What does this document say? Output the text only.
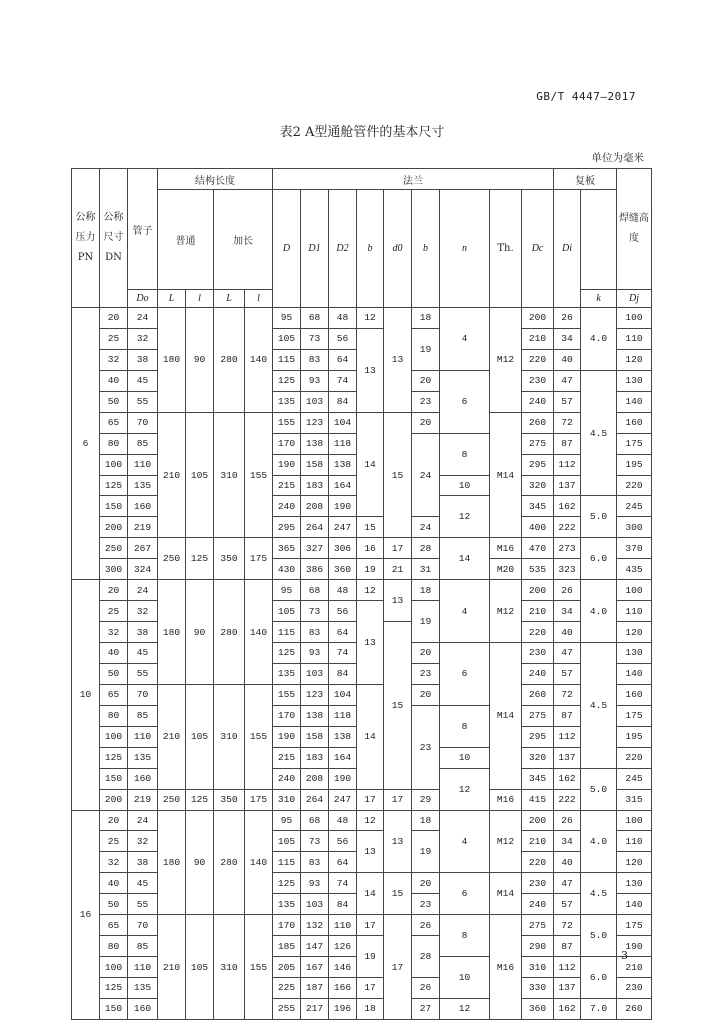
GB/T 4447—2017
表2 A型通舱管件的基本尺寸
单位为毫米
公称压力PN	公称尺寸DN	管子	结构长度				法兰									复板		焊缝高度	
			普通		加长		D	D1	D2	b	d0	b	n	Th.	Dc	Di			
		Do	L	l	L	l											k	Dj	
6	20	24	180	90	280	140	95	68	48	12	13	18	4	M12	200	26	4.0	100	
	25	32					105	73	56	13		19			210	34		110	
	32	38					115	83	64						220	40		120	
	40	45					125	93	74			20	6		230	47	4.5	130	
	50	55					135	103	84			23			240	57		140	
	65	70	210	105	310	155	155	123	104	14	15	20		M14	260	72		160	
	80	85					170	138	118			24	8		275	87		175	
	100	110					190	158	138						295	112		195	
	125	135					215	183	164				10		320	137		220	
	150	160					240	208	190				12		345	162	5.0	245	
	200	219					295	264	247	15		24			400	222		300	
	250	267	250	125	350	175	365	327	306	16	17	28	14	M16	470	273	6.0	370	
	300	324					430	386	360	19	21	31		M20	535	323		435	
10	20	24	180	90	280	140	95	68	48	12	13	18	4	M12	200	26	4.0	100	
	25	32					105	73	56	13		19			210	34		110	
	32	38					115	83	64		15				220	40		120	
	40	45					125	93	74			20	6	M14	230	47	4.5	130	
	50	55					135	103	84			23			240	57		140	
	65	70	210	105	310	155	155	123	104	14		20			260	72		160	
	80	85					170	138	118			23	8		275	87		175	
	100	110					190	158	138						295	112		195	
	125	135					215	183	164				10		320	137		220	
	150	160					240	208	190				12		345	162	5.0	245	
	200	219	250	125	350	175	310	264	247	17	17	29		M16	415	222		315	
16	20	24	180	90	280	140	95	68	48	12	13	18	4	M12	200	26	4.0	100	
	25	32					105	73	56	13		19			210	34		110	
	32	38					115	83	64						220	40		120	
	40	45					125	93	74	14	15	20	6	M14	230	47	4.5	130	
	50	55					135	103	84			23			240	57		140	
	65	70	210	105	310	155	170	132	110	17	17	26	8	M16	275	72	5.0	175	
	80	85					185	147	126	19		28			290	87		190	
	100	110					205	167	146				10		310	112	6.0	210	
	125	135					225	187	166	17		26			330	137		230	
	150	160					255	217	196	18		27	12		360	162	7.0	260	
3
